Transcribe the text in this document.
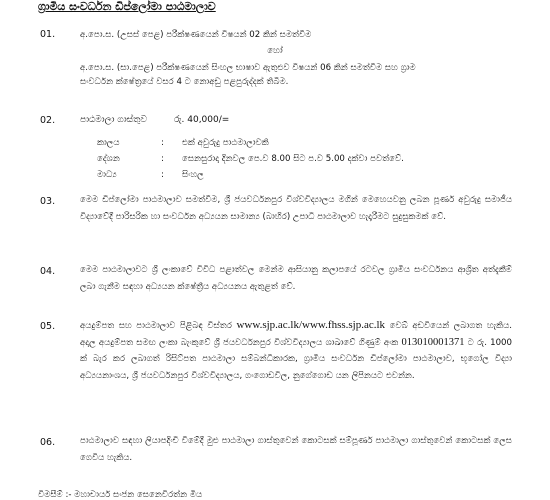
ග්‍රාමීය සංවර්ධන ඩිප්ලෝමා පාඨමාලාව
01.	අ.පො.ස. (උසස් පෙළ) පරීක්ෂණයෙන් විෂයන් 02 කින් සමත්වීම
හෝ
අ.පො.ස. (සා.පෙළ) පරීක්ෂණයෙන් සිංහල භාෂාව ඇතුළුව විෂයන් 06 කින් සමත්වීම සහ ග්‍රාම
සංවර්ධන ක්ෂේත්‍රයේ වසර 4 ට නොඅඩු පළපුරුද්දක් තිබීම.
02.	පාඨමාලා ගාස්තුව	රු. 40,000/=
කාලය	: එක් අවුරුදු පාඨමාලාවකි
දේශන	: සෙනසුරාදා දිනවල පෙ.ව 8.00 සිට ප.ව 5.00 දක්වා පවත්වේ.
මාධ්‍ය	: සිංහල
03.	මෙම ඩිප්ලෝමා පාඨමාලාව සමත්වීම, ශ්‍රී ජයවර්ධනපුර විශ්වවිද්‍යාලය මගින් මෙහෙයවනු ලබන පූර්ණ අවුරුදු සමාජීය විද්‍යාවේදී පාරිසරික හා සංවර්ධන අධ්‍යයන සාමාන්‍ය (බාහිර) උපාධි පාඨමාලාව හැදෑරීමට සුදුසුකමක් වේ.
04.	මෙම පාඨමාලාවට ශ්‍රී ලංකාවේ විවිධ පළාත්වල මෙන්ම ආසියානු කලාපයේ රටවල ග්‍රාමීය සංවර්ධනය ආශ්‍රිත අත්දැකීම් ලබා ගැනීම සඳහා අධ්‍යයන ක්ෂේත්‍රීය අධ්‍යයනය ඇතුළත් වේ.
05.	අයදුම්පත සහ පාඨමාලාව පිළිබඳ විස්තර www.sjp.ac.lk/www.fhss.sjp.ac.lk වෙබ් අඩවියෙන් ලබාගත හැකිය. අදාල අයදුම්පත සමඟ ලංකා බැංකුවේ ශ්‍රී ජයවර්ධනපුර විශ්වවිද්‍යාලය ශාඛාවේ ගිණුම් අංක 013010001371 ට රු. 1000 ක් බැර කර ලබාගත් රිසිට්පත පාඨමාලා සම්බන්ධීකාරක, ග්‍රාමීය සංවර්ධන ඩිප්ලෝමා පාඨමාලාව, භූගෝල විද්‍යා අධ්‍යයනාංශය, ශ්‍රී ජයවර්ධනපුර විශ්වවිද්‍යාලය, ගංගොඩවිල, නුගේගොඩ යන ලිපිනයට එවන්න.
06.	පාඨමාලාව සඳහා ලියාපදිංචි වීමේදී මුළු පාඨමාලා ගාස්තුවෙන් කොටසක් සම්පූර්ණ පාඨමාලා ගාස්තුවෙන් කොටසක් ලෙස ගෙවිය හැකිය.
විමසීම් :- මහාචාර්ය සංජන සෙනෙවිරත්න මිය
